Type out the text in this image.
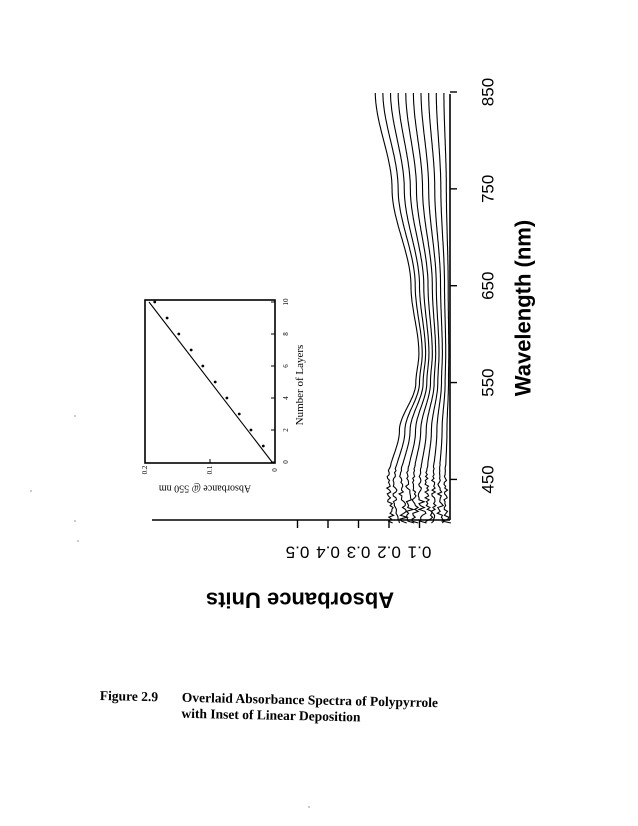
450
550
650
750
850
Wavelength (nm)
0.5 0.4 0.3 0.2 0.1
Absorbance Units
0
2
4
6
8
10
Number of Layers
0
0.1
0.2
Absorbance @ 550 nm
Figure 2.9 Overlaid Absorbance Spectra of Polypyrrole
with Inset of Linear Deposition
